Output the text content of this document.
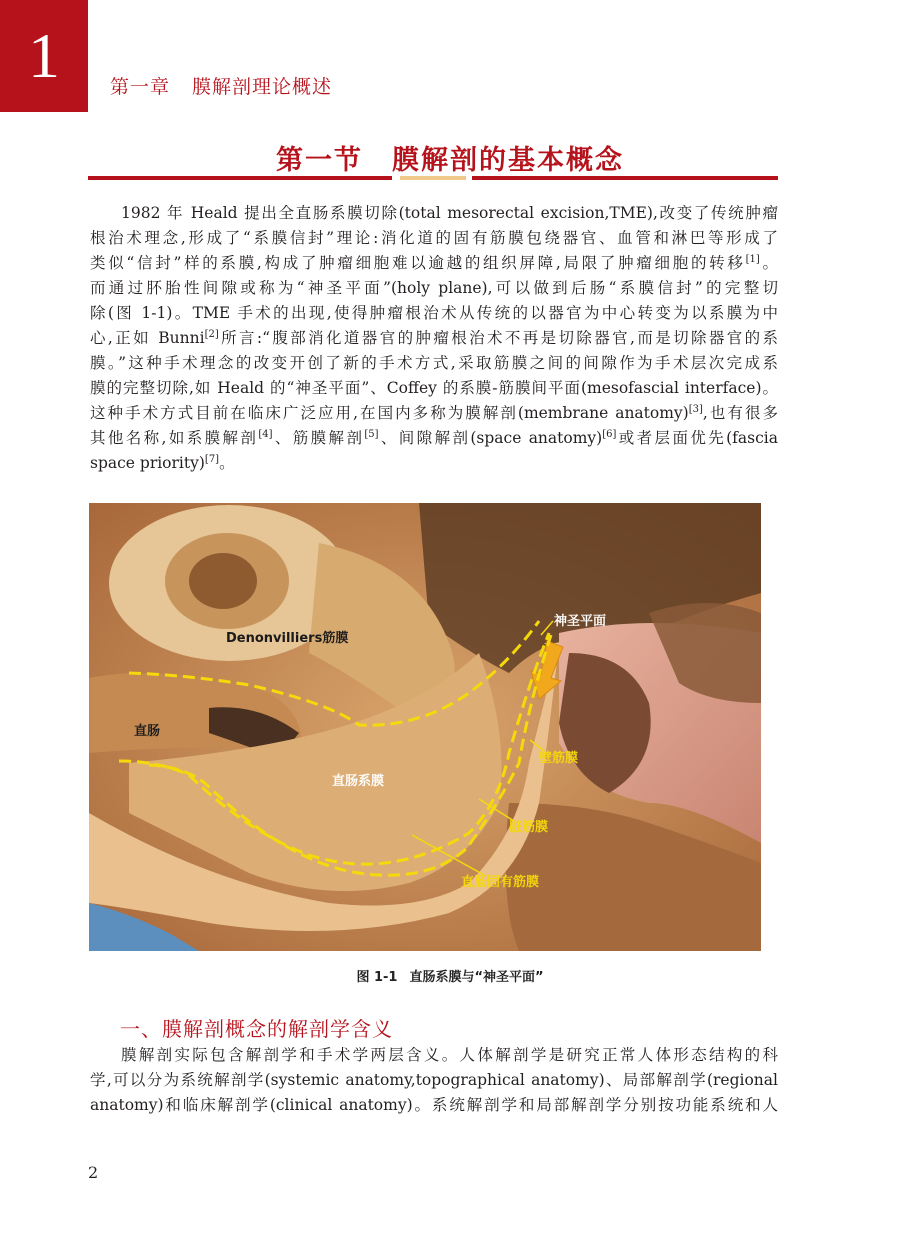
1	第一章 膜解剖理论概述
第一节　膜解剖的基本概念
1982 年 Heald 提出全直肠系膜切除(total mesorectal excision,TME),改变了传统肿瘤
根治术理念,形成了“系膜信封”理论:消化道的固有筋膜包绕器官、血管和淋巴等形成了
类似“信封”样的系膜,构成了肿瘤细胞难以逾越的组织屏障,局限了肿瘤细胞的转移[1]。
而通过肧胎性间隙或称为“神圣平面”(holy plane),可以做到后肠“系膜信封”的完整切
除(图 1-1)。TME 手术的出现,使得肿瘤根治术从传统的以器官为中心转变为以系膜为中
心,正如 Bunni[2]所言:“腹部消化道器官的肿瘤根治术不再是切除器官,而是切除器官的系
膜。”这种手术理念的改变开创了新的手术方式,采取筋膜之间的间隙作为手术层次完成系
膜的完整切除,如 Heald 的“神圣平面”、Coffey 的系膜-筋膜间平面(mesofascial interface)。
这种手术方式目前在临床广泛应用,在国内多称为膜解剖(membrane anatomy)[3],也有很多
其他名称,如系膜解剖[4]、筋膜解剖[5]、间隙解剖(space anatomy)[6]或者层面优先(fascia
space priority)[7]。
Denonvilliers筋膜
神圣平面
直肠
直肠系膜
壁筋膜
脏筋膜
直肠固有筋膜
图 1-1 直肠系膜与“神圣平面”
一、膜解剖概念的解剖学含义
膜解剖实际包含解剖学和手术学两层含义。人体解剖学是研究正常人体形态结构的科
学,可以分为系统解剖学(systemic anatomy,topographical anatomy)、局部解剖学(regional
anatomy)和临床解剖学(clinical anatomy)。系统解剖学和局部解剖学分别按功能系统和人
2
